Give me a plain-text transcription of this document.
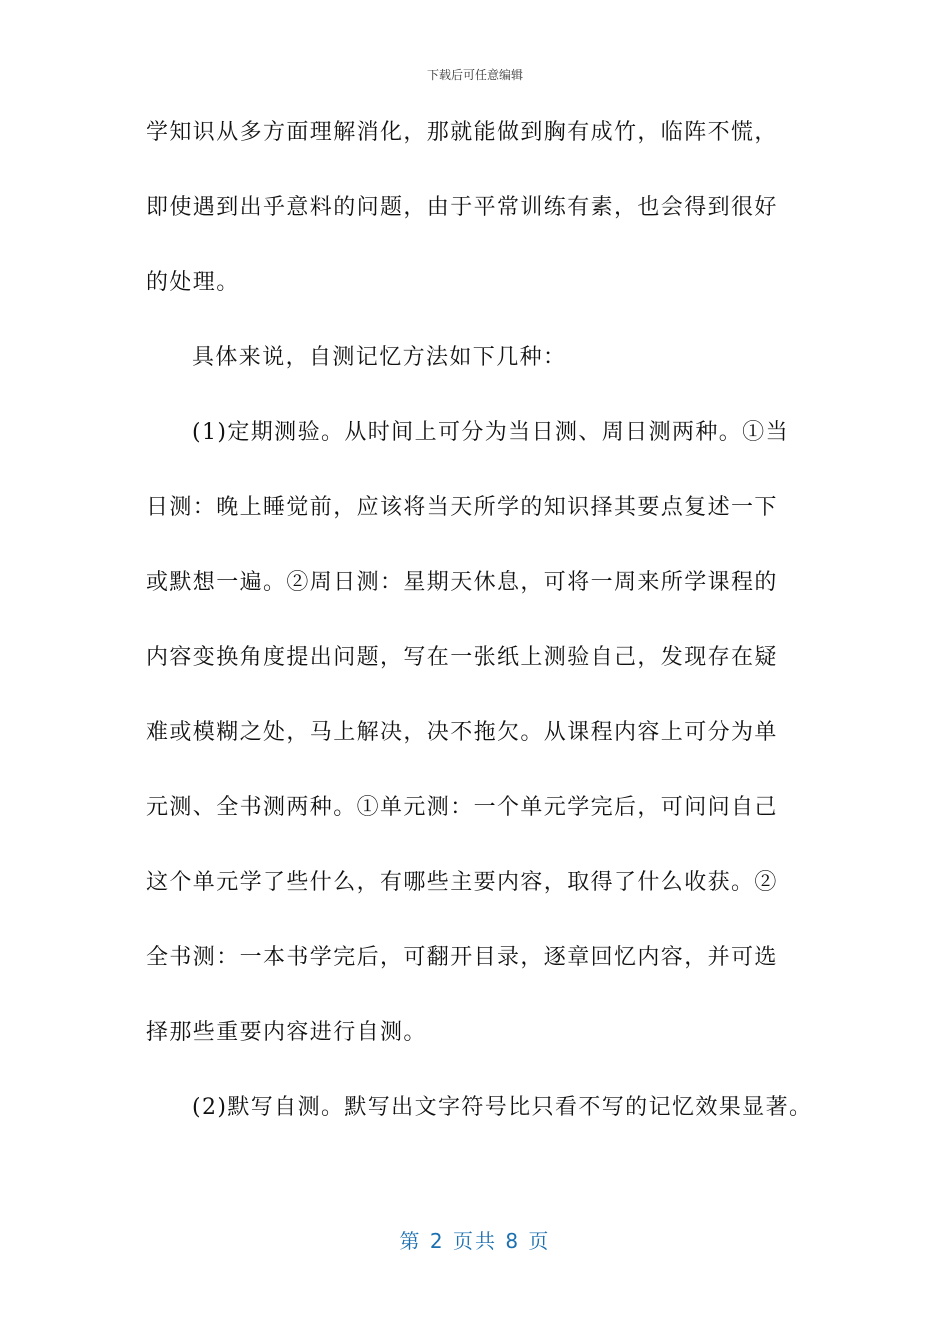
下载后可任意编辑
学知识从多方面理解消化，那就能做到胸有成竹，临阵不慌，
即使遇到出乎意料的问题，由于平常训练有素，也会得到很好
的处理。
具体来说，自测记忆方法如下几种：
(1)定期测验。从时间上可分为当日测、周日测两种。①当
日测：晚上睡觉前，应该将当天所学的知识择其要点复述一下
或默想一遍。②周日测：星期天休息，可将一周来所学课程的
内容变换角度提出问题，写在一张纸上测验自己，发现存在疑
难或模糊之处，马上解决，决不拖欠。从课程内容上可分为单
元测、全书测两种。①单元测：一个单元学完后，可问问自己
这个单元学了些什么，有哪些主要内容，取得了什么收获。②
全书测：一本书学完后，可翻开目录，逐章回忆内容，并可选
择那些重要内容进行自测。
(2)默写自测。默写出文字符号比只看不写的记忆效果显著。
第 2 页共 8 页
